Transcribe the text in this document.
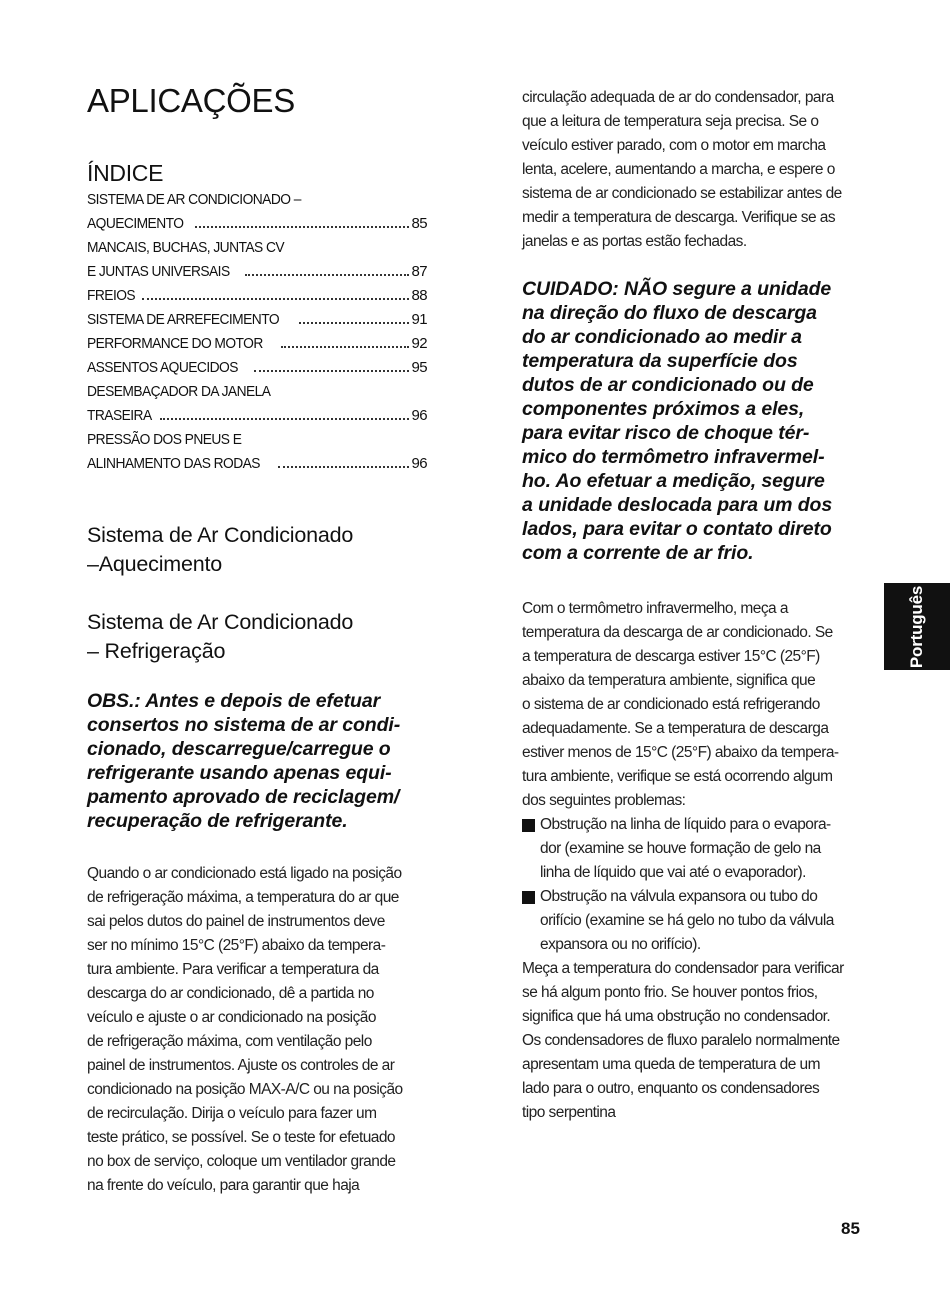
APLICAÇÕES
ÍNDICE
SISTEMA DE AR CONDICIONADO –
AQUECIMENTO	85
MANCAIS, BUCHAS, JUNTAS CV
E JUNTAS UNIVERSAIS	87
FREIOS	88
SISTEMA DE ARREFECIMENTO	91
PERFORMANCE DO MOTOR	92
ASSENTOS AQUECIDOS	95
DESEMBAÇADOR DA JANELA
TRASEIRA	96
PRESSÃO DOS PNEUS E
ALINHAMENTO DAS RODAS	96
Sistema de Ar Condicionado
–Aquecimento
Sistema de Ar Condicionado
– Refrigeração

OBS.: Antes e depois de efetuar
consertos no sistema de ar condi-
cionado, descarregue/carregue o
refrigerante usando apenas equi-
pamento aprovado de reciclagem/
recuperação de refrigerante.

Quando o ar condicionado está ligado na posição
de refrigeração máxima, a temperatura do ar que
sai pelos dutos do painel de instrumentos deve
ser no mínimo 15°C (25°F) abaixo da tempera-
tura ambiente. Para verificar a temperatura da
descarga do ar condicionado, dê a partida no
veículo e ajuste o ar condicionado na posição
de refrigeração máxima, com ventilação pelo
painel de instrumentos. Ajuste os controles de ar
condicionado na posição MAX-A/C ou na posição
de recirculação. Dirija o veículo para fazer um
teste prático, se possível. Se o teste for efetuado
no box de serviço, coloque um ventilador grande
na frente do veículo, para garantir que haja

circulação adequada de ar do condensador, para
que a leitura de temperatura seja precisa. Se o
veículo estiver parado, com o motor em marcha
lenta, acelere, aumentando a marcha, e espere o
sistema de ar condicionado se estabilizar antes de
medir a temperatura de descarga. Verifique se as
janelas e as portas estão fechadas.

CUIDADO: NÃO segure a unidade
na direção do fluxo de descarga
do ar condicionado ao medir a
temperatura da superfície dos
dutos de ar condicionado ou de
componentes próximos a eles,
para evitar risco de choque tér-
mico do termômetro infravermel-
ho. Ao efetuar a medição, segure
a unidade deslocada para um dos
lados, para evitar o contato direto
com a corrente de ar frio.

Com o termômetro infravermelho, meça a
temperatura da descarga de ar condicionado. Se
a temperatura de descarga estiver 15°C (25°F)
abaixo da temperatura ambiente, significa que
o sistema de ar condicionado está refrigerando
adequadamente. Se a temperatura de descarga
estiver menos de 15°C (25°F) abaixo da tempera-
tura ambiente, verifique se está ocorrendo algum
dos seguintes problemas:

Obstrução na linha de líquido para o evapora-
dor (examine se houve formação de gelo na
linha de líquido que vai até o evaporador).
Obstrução na válvula expansora ou tubo do
orifício (examine se há gelo no tubo da válvula
expansora ou no orifício).

Meça a temperatura do condensador para verificar
se há algum ponto frio. Se houver pontos frios,
significa que há uma obstrução no condensador.
Os condensadores de fluxo paralelo normalmente
apresentam uma queda de temperatura de um
lado para o outro, enquanto os condensadores
tipo serpentina

Português
85
